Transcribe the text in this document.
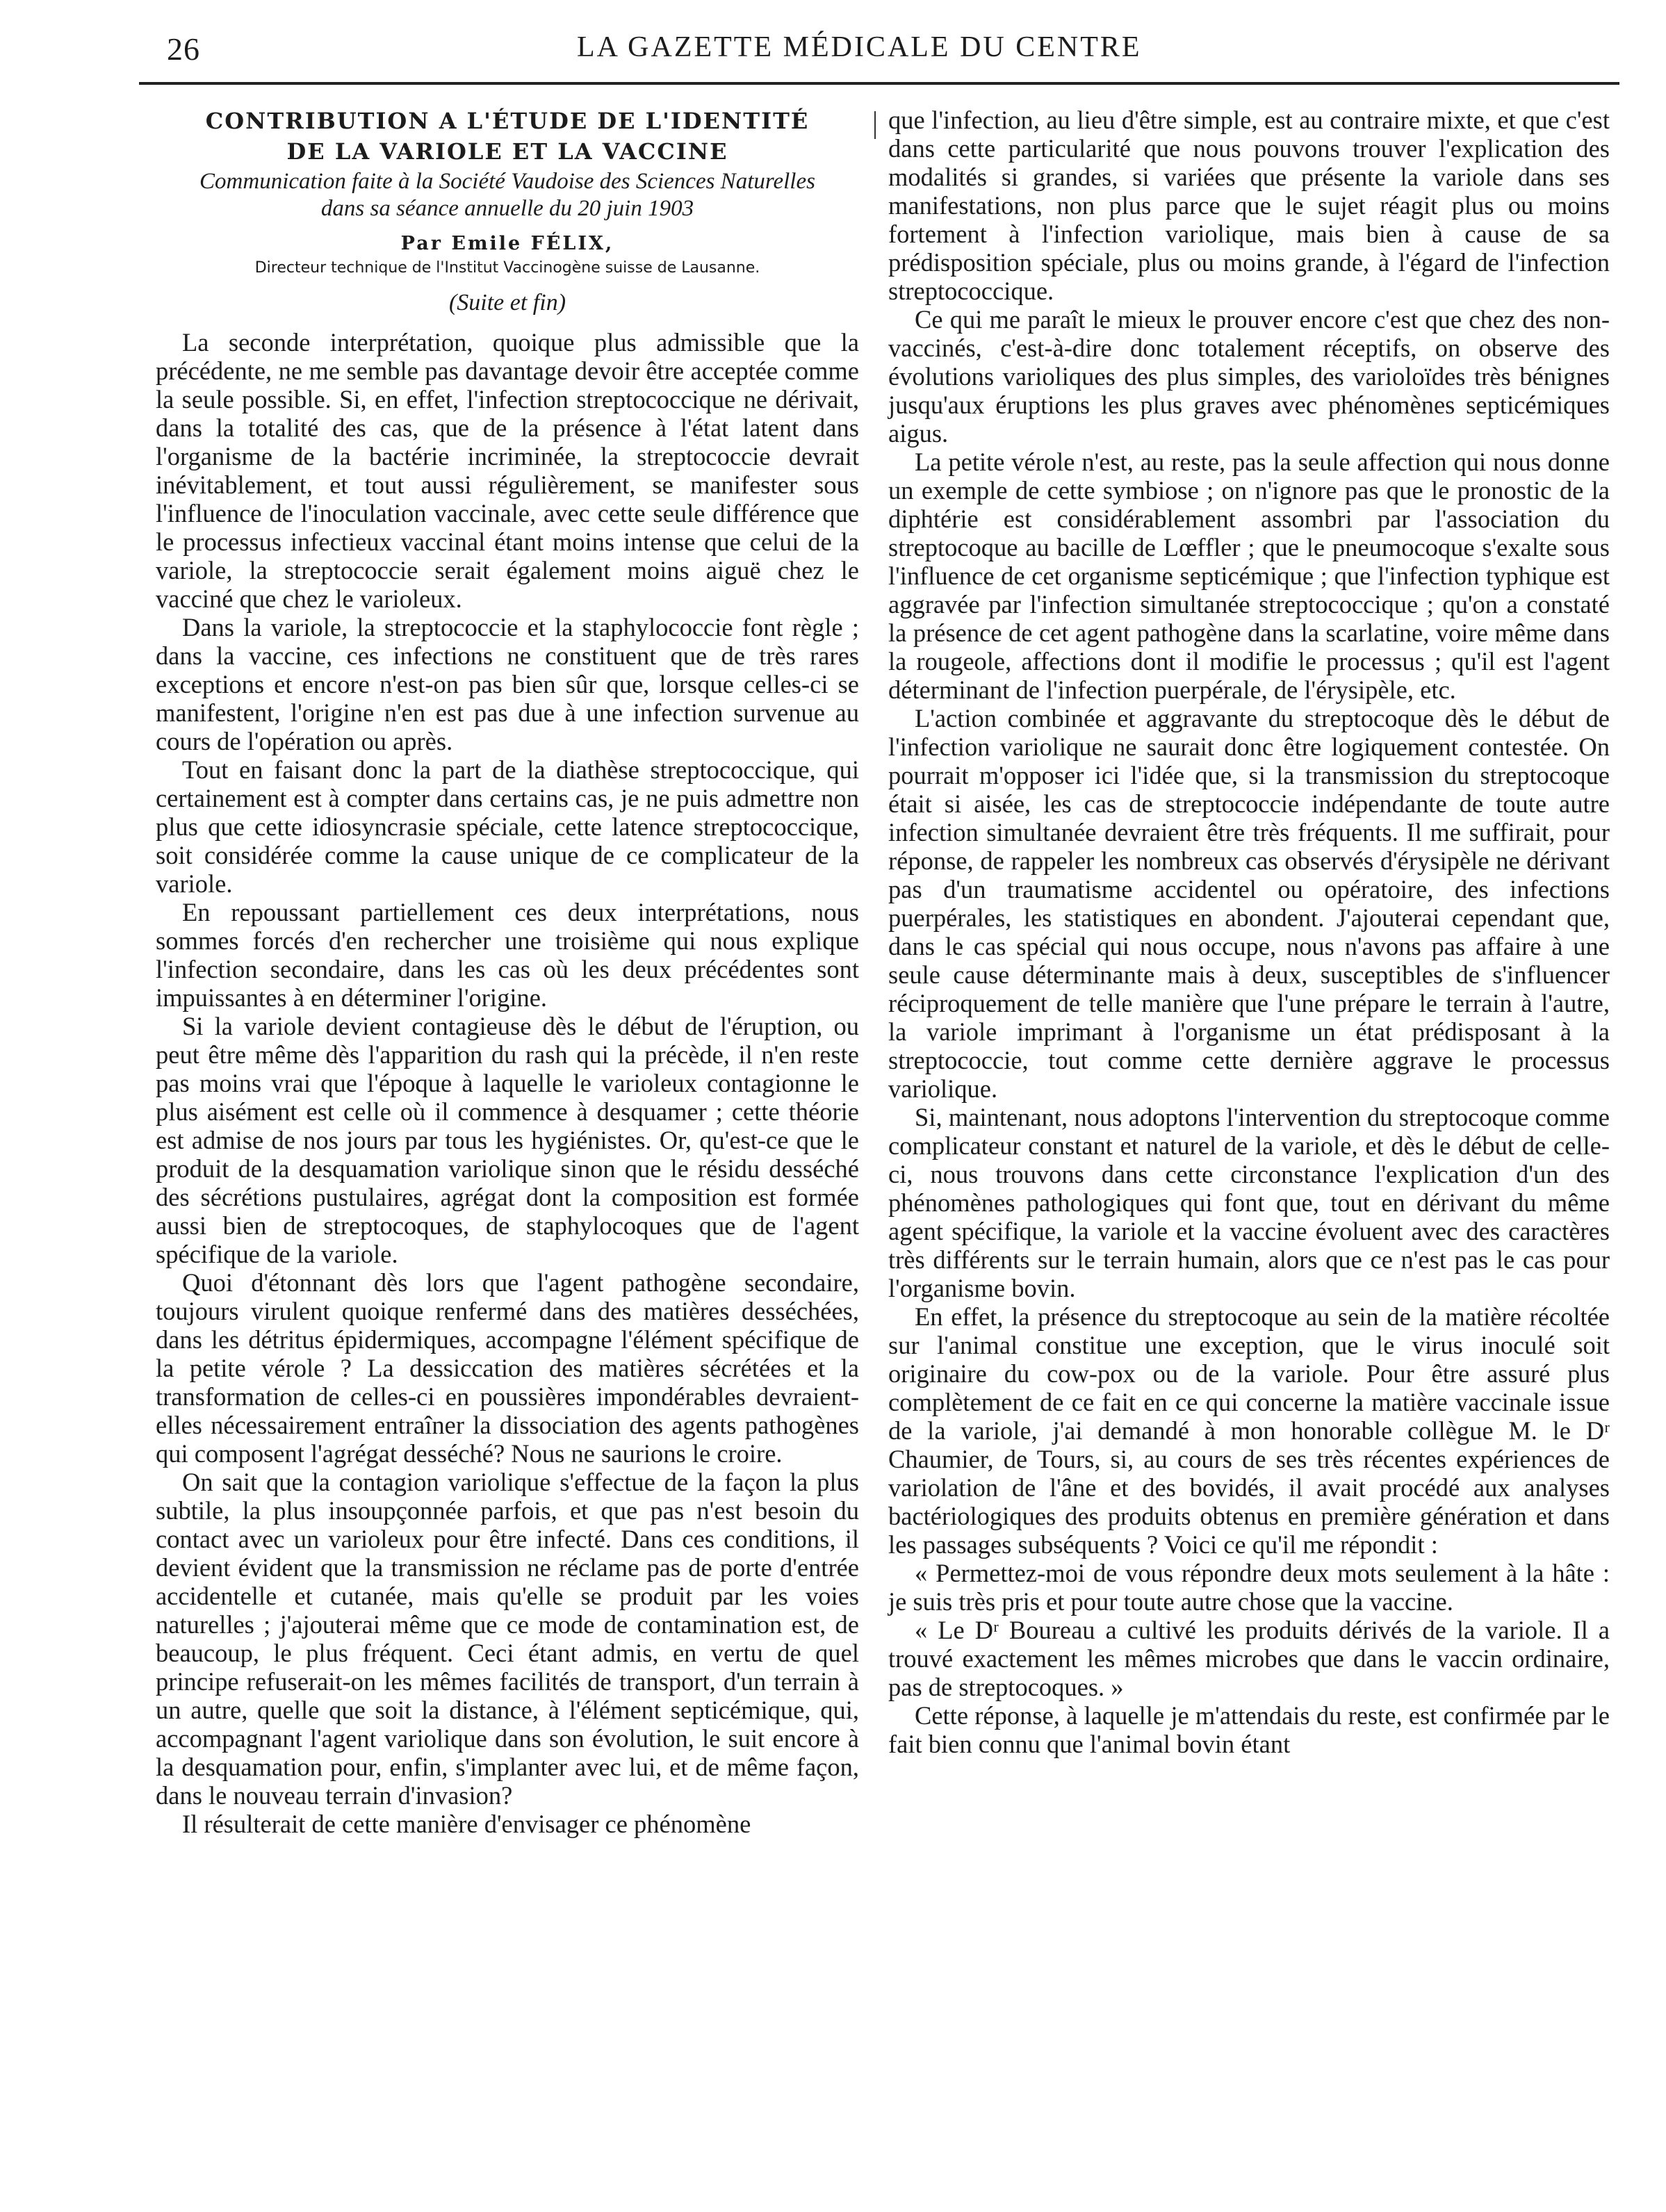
26	LA GAZETTE MÉDICALE DU CENTRE
CONTRIBUTION A L'ÉTUDE DE L'IDENTITÉ
DE LA VARIOLE ET LA VACCINE
Communication faite à la Société Vaudoise des Sciences Naturelles
dans sa séance annuelle du 20 juin 1903
Par Emile FÉLIX,
Directeur technique de l'Institut Vaccinogène suisse de Lausanne.
(Suite et fin)

La seconde interprétation, quoique plus admissible que la précédente, ne me semble pas davantage devoir être acceptée comme la seule possible. Si, en effet, l'infection streptococcique ne dérivait, dans la totalité des cas, que de la présence à l'état latent dans l'organisme de la bactérie incriminée, la streptococcie devrait inévitablement, et tout aussi régulièrement, se manifester sous l'influence de l'inoculation vaccinale, avec cette seule différence que le processus infectieux vaccinal étant moins intense que celui de la variole, la streptococcie serait également moins aiguë chez le vacciné que chez le varioleux.

Dans la variole, la streptococcie et la staphylococcie font règle ; dans la vaccine, ces infections ne constituent que de très rares exceptions et encore n'est-on pas bien sûr que, lorsque celles-ci se manifestent, l'origine n'en est pas due à une infection survenue au cours de l'opération ou après.

Tout en faisant donc la part de la diathèse streptococcique, qui certainement est à compter dans certains cas, je ne puis admettre non plus que cette idiosyncrasie spéciale, cette latence streptococcique, soit considérée comme la cause unique de ce complicateur de la variole.

En repoussant partiellement ces deux interprétations, nous sommes forcés d'en rechercher une troisième qui nous explique l'infection secondaire, dans les cas où les deux précédentes sont impuissantes à en déterminer l'origine.

Si la variole devient contagieuse dès le début de l'éruption, ou peut être même dès l'apparition du rash qui la précède, il n'en reste pas moins vrai que l'époque à laquelle le varioleux contagionne le plus aisément est celle où il commence à desquamer ; cette théorie est admise de nos jours par tous les hygiénistes. Or, qu'est-ce que le produit de la desquamation variolique sinon que le résidu desséché des sécrétions pustulaires, agrégat dont la composition est formée aussi bien de streptocoques, de staphylocoques que de l'agent spécifique de la variole.

Quoi d'étonnant dès lors que l'agent pathogène secondaire, toujours virulent quoique renfermé dans des matières desséchées, dans les détritus épidermiques, accompagne l'élément spécifique de la petite vérole ? La dessiccation des matières sécrétées et la transformation de celles-ci en poussières impondérables devraient-elles nécessairement entraîner la dissociation des agents pathogènes qui composent l'agrégat desséché? Nous ne saurions le croire.

On sait que la contagion variolique s'effectue de la façon la plus subtile, la plus insoupçonnée parfois, et que pas n'est besoin du contact avec un varioleux pour être infecté. Dans ces conditions, il devient évident que la transmission ne réclame pas de porte d'entrée accidentelle et cutanée, mais qu'elle se produit par les voies naturelles ; j'ajouterai même que ce mode de contamination est, de beaucoup, le plus fréquent. Ceci étant admis, en vertu de quel principe refuserait-on les mêmes facilités de transport, d'un terrain à un autre, quelle que soit la distance, à l'élément septicémique, qui, accompagnant l'agent variolique dans son évolution, le suit encore à la desquamation pour, enfin, s'implanter avec lui, et de même façon, dans le nouveau terrain d'invasion?

Il résulterait de cette manière d'envisager ce phénomène

que l'infection, au lieu d'être simple, est au contraire mixte, et que c'est dans cette particularité que nous pouvons trouver l'explication des modalités si grandes, si variées que présente la variole dans ses manifestations, non plus parce que le sujet réagit plus ou moins fortement à l'infection variolique, mais bien à cause de sa prédisposition spéciale, plus ou moins grande, à l'égard de l'infection streptococcique.

Ce qui me paraît le mieux le prouver encore c'est que chez des non-vaccinés, c'est-à-dire donc totalement réceptifs, on observe des évolutions varioliques des plus simples, des varioloïdes très bénignes jusqu'aux éruptions les plus graves avec phénomènes septicémiques aigus.

La petite vérole n'est, au reste, pas la seule affection qui nous donne un exemple de cette symbiose ; on n'ignore pas que le pronostic de la diphtérie est considérablement assombri par l'association du streptocoque au bacille de Lœffler ; que le pneumocoque s'exalte sous l'influence de cet organisme septicémique ; que l'infection typhique est aggravée par l'infection simultanée streptococcique ; qu'on a constaté la présence de cet agent pathogène dans la scarlatine, voire même dans la rougeole, affections dont il modifie le processus ; qu'il est l'agent déterminant de l'infection puerpérale, de l'érysipèle, etc.

L'action combinée et aggravante du streptocoque dès le début de l'infection variolique ne saurait donc être logiquement contestée. On pourrait m'opposer ici l'idée que, si la transmission du streptocoque était si aisée, les cas de streptococcie indépendante de toute autre infection simultanée devraient être très fréquents. Il me suffirait, pour réponse, de rappeler les nombreux cas observés d'érysipèle ne dérivant pas d'un traumatisme accidentel ou opératoire, des infections puerpérales, les statistiques en abondent. J'ajouterai cependant que, dans le cas spécial qui nous occupe, nous n'avons pas affaire à une seule cause déterminante mais à deux, susceptibles de s'influencer réciproquement de telle manière que l'une prépare le terrain à l'autre, la variole imprimant à l'organisme un état prédisposant à la streptococcie, tout comme cette dernière aggrave le processus variolique.

Si, maintenant, nous adoptons l'intervention du streptocoque comme complicateur constant et naturel de la variole, et dès le début de celle-ci, nous trouvons dans cette circonstance l'explication d'un des phénomènes pathologiques qui font que, tout en dérivant du même agent spécifique, la variole et la vaccine évoluent avec des caractères très différents sur le terrain humain, alors que ce n'est pas le cas pour l'organisme bovin.

En effet, la présence du streptocoque au sein de la matière récoltée sur l'animal constitue une exception, que le virus inoculé soit originaire du cow-pox ou de la variole. Pour être assuré plus complètement de ce fait en ce qui concerne la matière vaccinale issue de la variole, j'ai demandé à mon honorable collègue M. le Dʳ Chaumier, de Tours, si, au cours de ses très récentes expériences de variolation de l'âne et des bovidés, il avait procédé aux analyses bactériologiques des produits obtenus en première génération et dans les passages subséquents ? Voici ce qu'il me répondit :

« Permettez-moi de vous répondre deux mots seulement à la hâte : je suis très pris et pour toute autre chose que la vaccine.

« Le Dʳ Boureau a cultivé les produits dérivés de la variole. Il a trouvé exactement les mêmes microbes que dans le vaccin ordinaire, pas de streptocoques. »

Cette réponse, à laquelle je m'attendais du reste, est confirmée par le fait bien connu que l'animal bovin étant
